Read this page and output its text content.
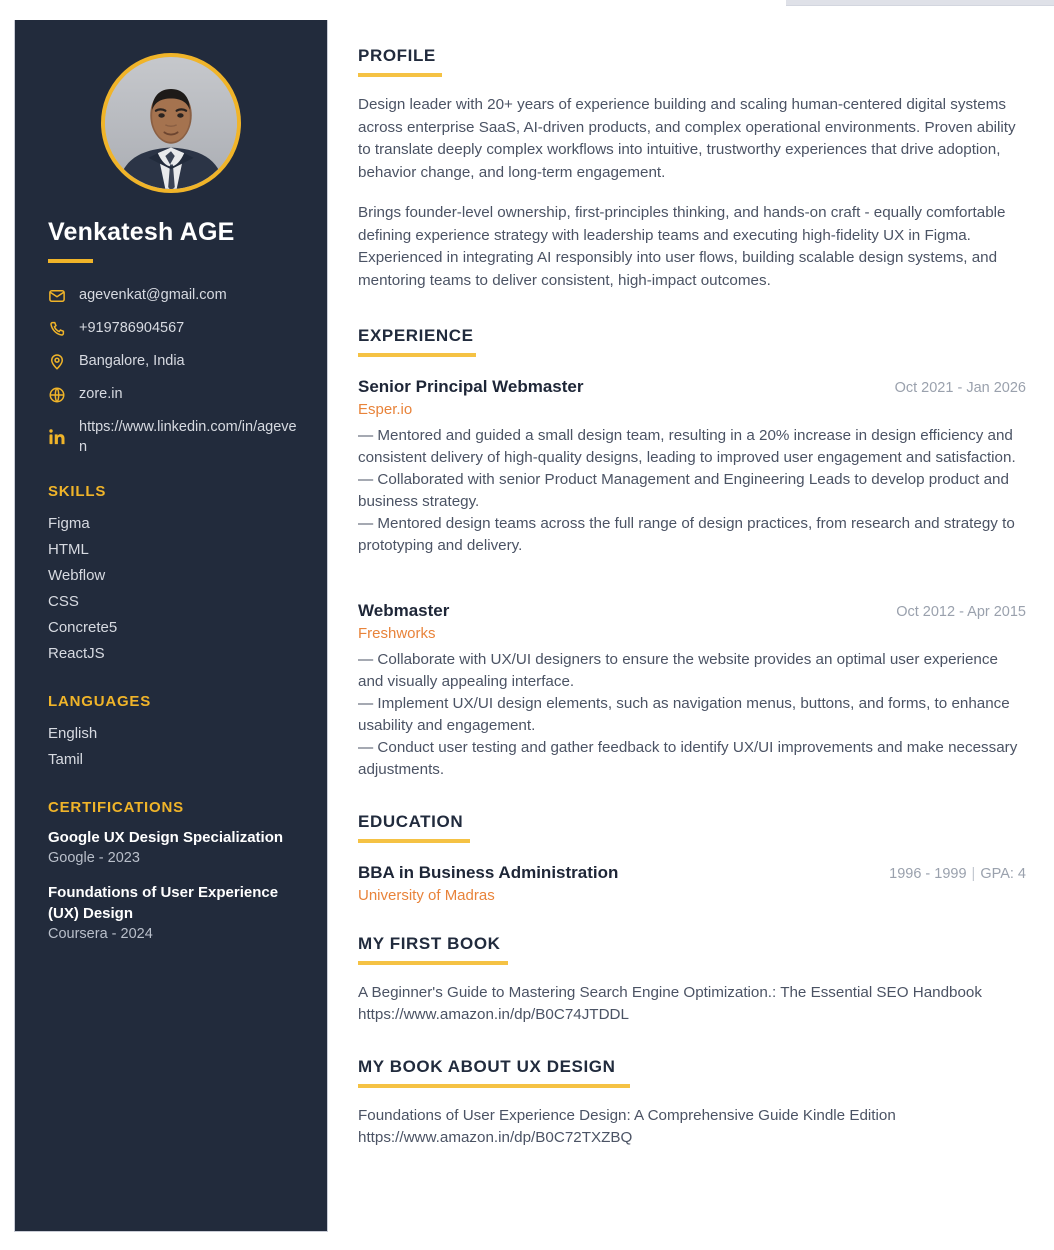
Venkatesh AGE
agevenkat@gmail.com
+919786904567
Bangalore, India
zore.in
https://www.linkedin.com/in/ageven
SKILLS
Figma
HTML
Webflow
CSS
Concrete5
ReactJS
LANGUAGES
English
Tamil
CERTIFICATIONS
Google UX Design Specialization
Google - 2023
Foundations of User Experience (UX) Design
Coursera - 2024
PROFILE

Design leader with 20+ years of experience building and scaling human-centered digital systems across enterprise SaaS, AI-driven products, and complex operational environments. Proven ability to translate deeply complex workflows into intuitive, trustworthy experiences that drive adoption, behavior change, and long-term engagement.

Brings founder-level ownership, first-principles thinking, and hands-on craft - equally comfortable defining experience strategy with leadership teams and executing high-fidelity UX in Figma. Experienced in integrating AI responsibly into user flows, building scalable design systems, and mentoring teams to deliver consistent, high-impact outcomes.

EXPERIENCE
Senior Principal Webmaster	Oct 2021 - Jan 2026
Esper.io
— Mentored and guided a small design team, resulting in a 20% increase in design efficiency and consistent delivery of high-quality designs, leading to improved user engagement and satisfaction.
— Collaborated with senior Product Management and Engineering Leads to develop product and business strategy.
— Mentored design teams across the full range of design practices, from research and strategy to prototyping and delivery.
Webmaster	Oct 2012 - Apr 2015
Freshworks
— Collaborate with UX/UI designers to ensure the website provides an optimal user experience and visually appealing interface.
— Implement UX/UI design elements, such as navigation menus, buttons, and forms, to enhance usability and engagement.
— Conduct user testing and gather feedback to identify UX/UI improvements and make necessary adjustments.
EDUCATION
BBA in Business Administration	1996 - 1999 | GPA: 4
University of Madras
MY FIRST BOOK
A Beginner's Guide to Mastering Search Engine Optimization.: The Essential SEO Handbook
https://www.amazon.in/dp/B0C74JTDDL
MY BOOK ABOUT UX DESIGN
Foundations of User Experience Design: A Comprehensive Guide Kindle Edition
https://www.amazon.in/dp/B0C72TXZBQ
